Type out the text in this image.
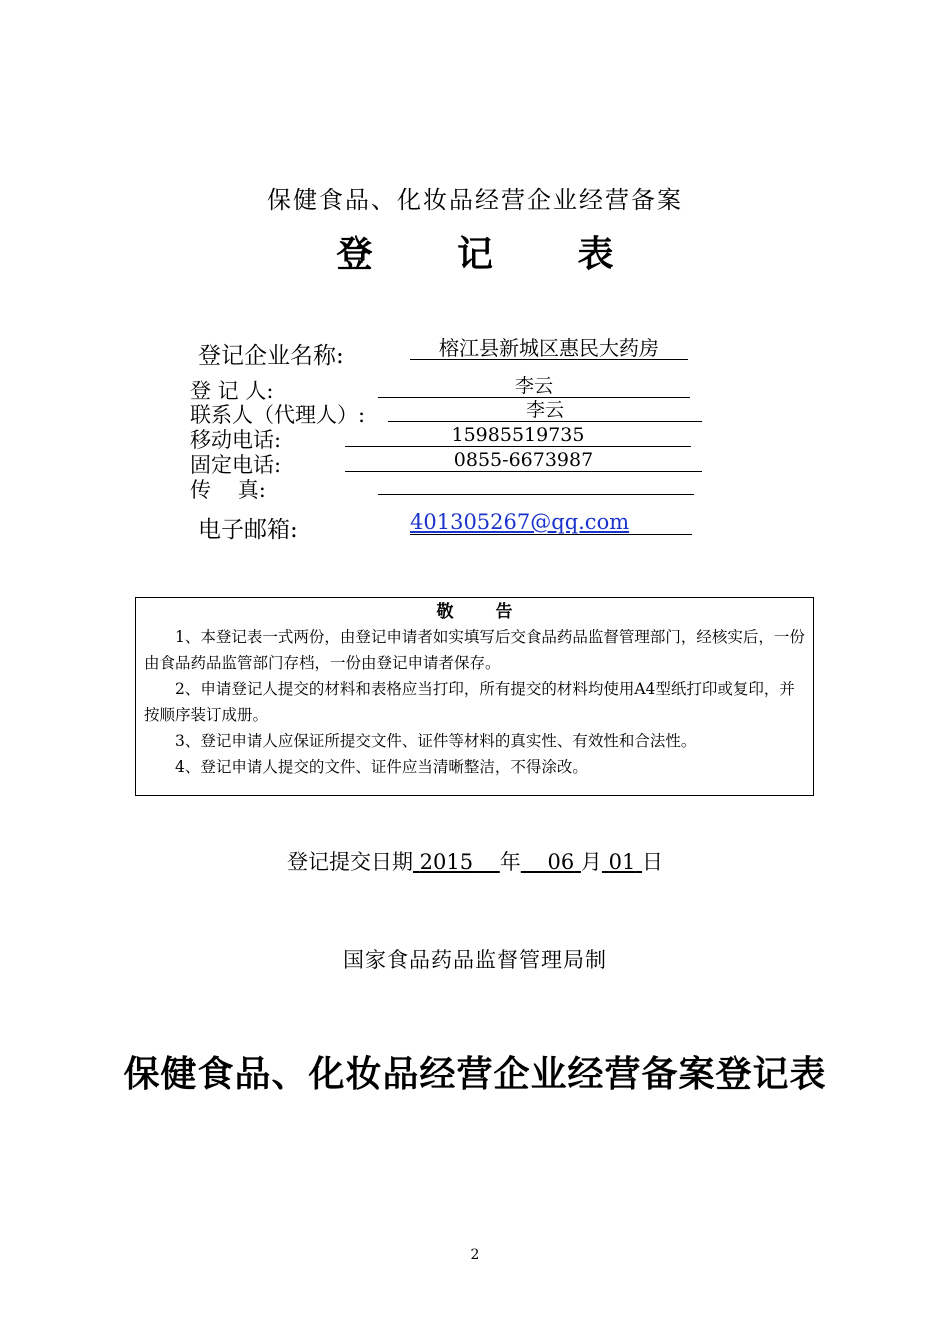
保健食品、化妆品经营企业经营备案
登 记 表
登记企业名称:	榕江县新城区惠民大药房
登 记 人:	李云
联系人（代理人）:	李云
移动电话:	15985519735
固定电话:	0855-6673987
传    真:
电子邮箱:	401305267@qq.com
敬 告

1、本登记表一式两份，由登记申请者如实填写后交食品药品监督管理部门，经核实后，一份由食品药品监管部门存档，一份由登记申请者保存。

2、申请登记人提交的材料和表格应当打印，所有提交的材料均使用A4型纸打印或复印，并按顺序装订成册。

3、登记申请人应保证所提交文件、证件等材料的真实性、有效性和合法性。

4、登记申请人提交的文件、证件应当清晰整洁，不得涂改。

登记提交日期 2015 年 06 月 01 日
国家食品药品监督管理局制
保健食品、化妆品经营企业经营备案登记表
2
